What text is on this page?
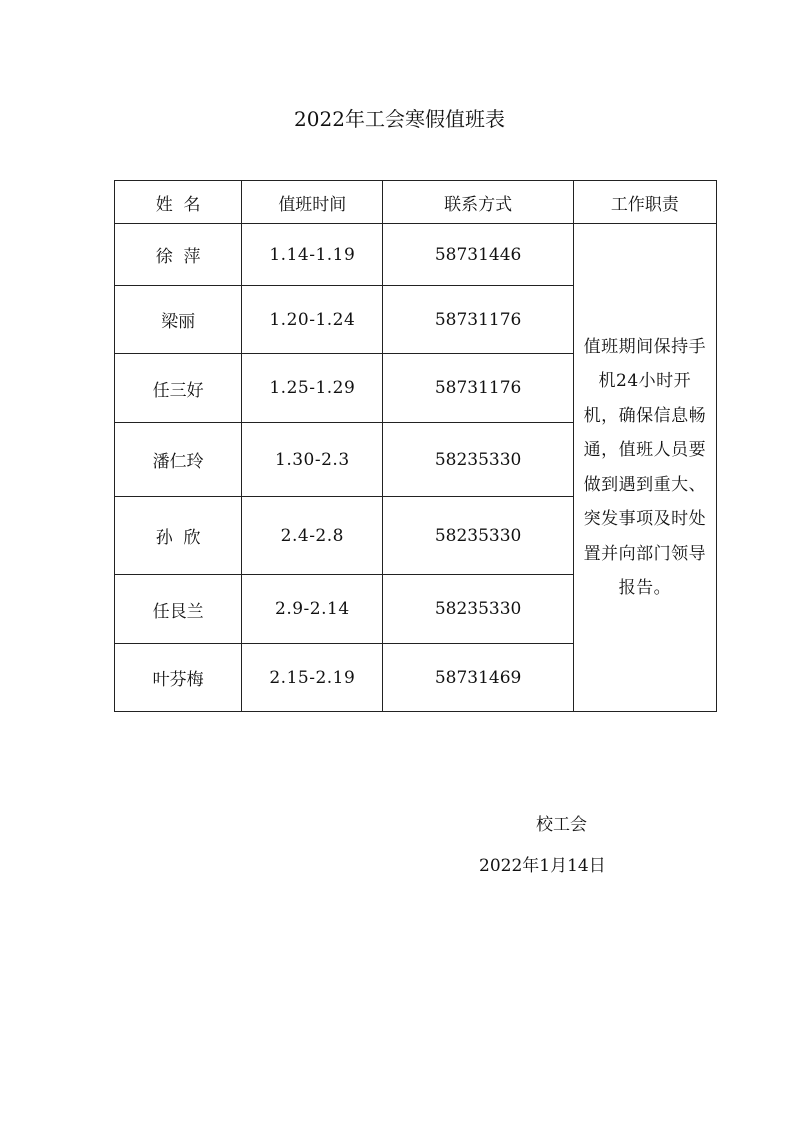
2022年工会寒假值班表
姓  名	值班时间	联系方式	工作职责
徐  萍	1.14-1.19	58731446	值班期间保持手机24小时开机，确保信息畅通，值班人员要做到遇到重大、突发事项及时处置并向部门领导报告。
梁丽	1.20-1.24	58731176	
任三好	1.25-1.29	58731176	
潘仁玲	1.30-2.3	58235330	
孙  欣	2.4-2.8	58235330	
任艮兰	2.9-2.14	58235330	
叶芬梅	2.15-2.19	58731469	
校工会
2022年1月14日
